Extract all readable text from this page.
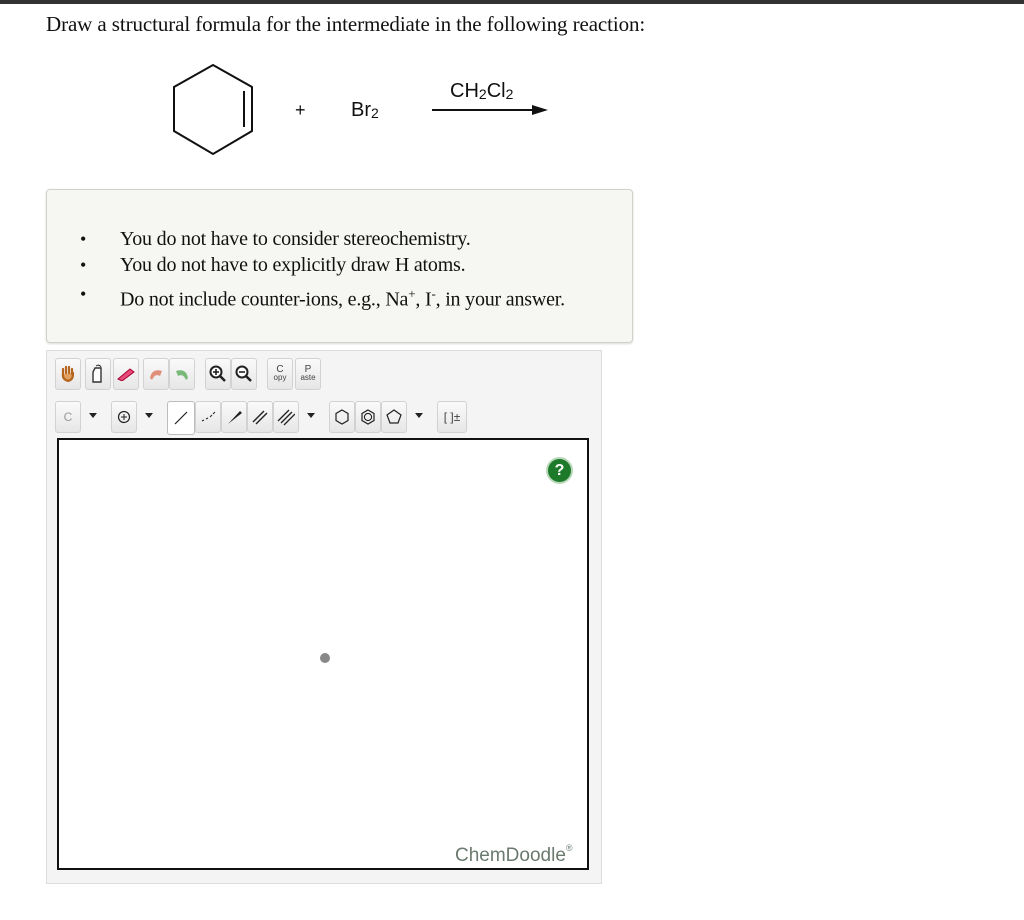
Draw a structural formula for the intermediate in the following reaction:
+ $Br_2$
$CH_2Cl_2$
• You do not have to consider stereochemistry.
• You do not have to explicitly draw H atoms.
• Do not include counter-ions, e.g., Na+, I-, in your answer.
C
opy
P
aste
C	[ ]±
?
ChemDoodle®
